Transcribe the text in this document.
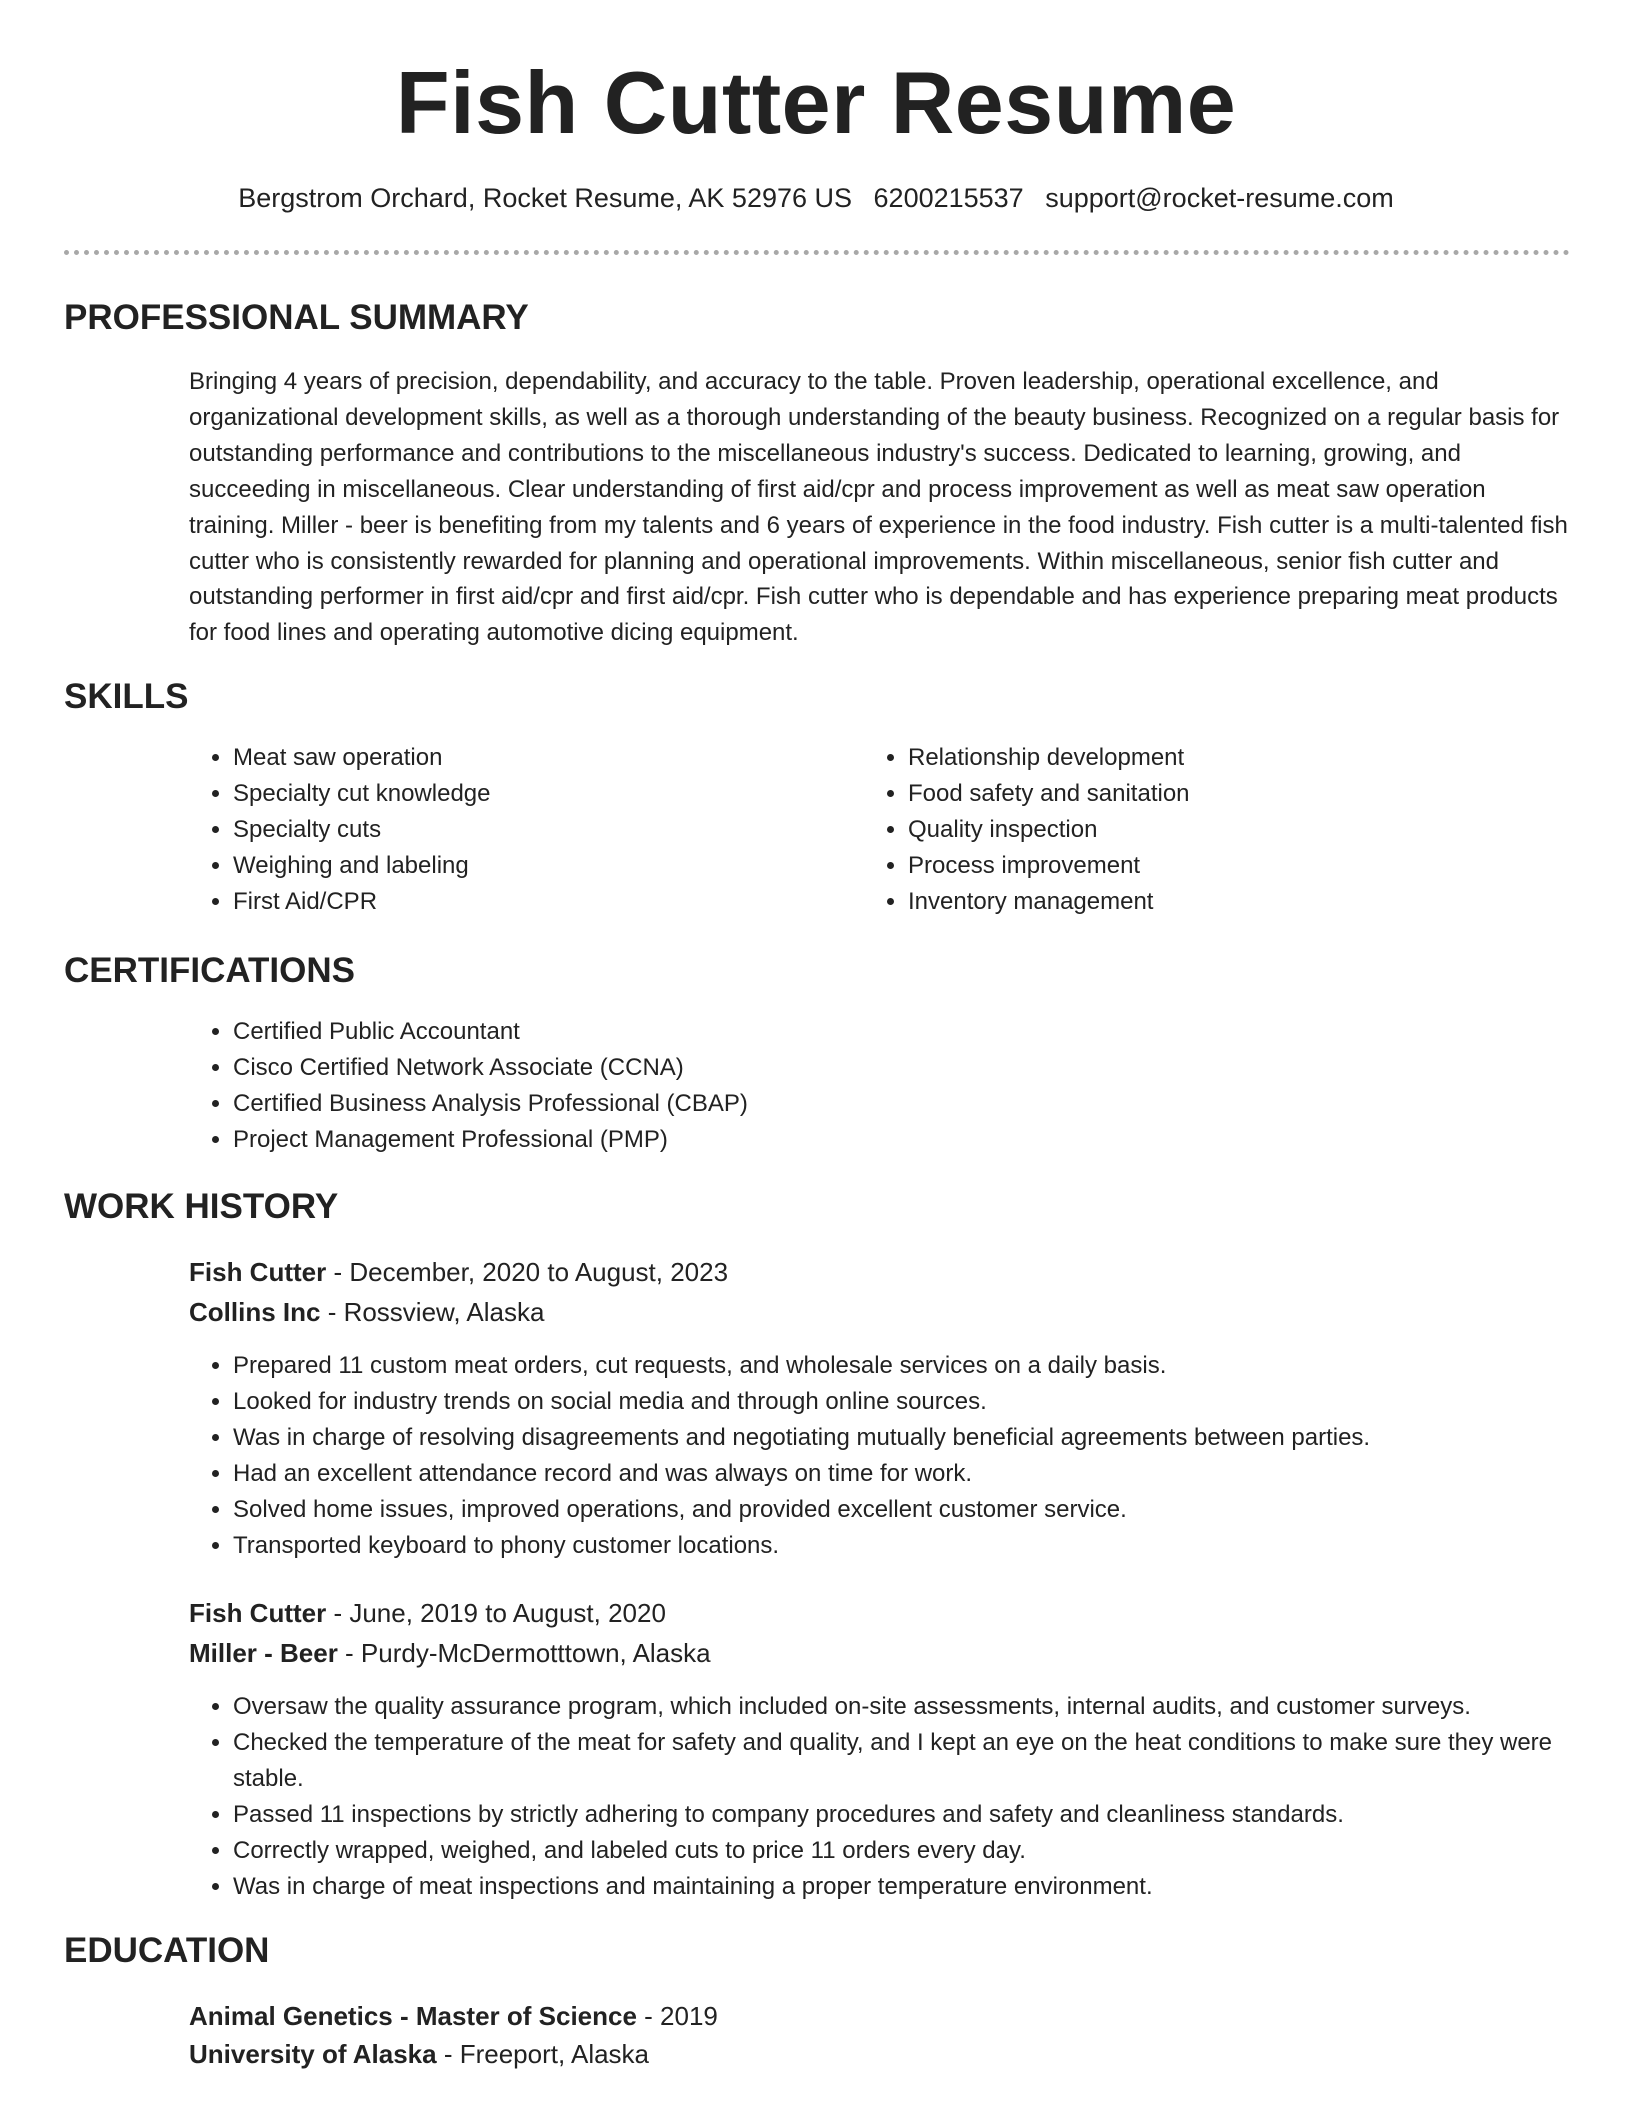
Fish Cutter Resume
Bergstrom Orchard, Rocket Resume, AK 52976 US 6200215537 support@rocket-resume.com
PROFESSIONAL SUMMARY

Bringing 4 years of precision, dependability, and accuracy to the table. Proven leadership, operational excellence, and organizational development skills, as well as a thorough understanding of the beauty business. Recognized on a regular basis for outstanding performance and contributions to the miscellaneous industry's success. Dedicated to learning, growing, and succeeding in miscellaneous. Clear understanding of first aid/cpr and process improvement as well as meat saw operation training. Miller - beer is benefiting from my talents and 6 years of experience in the food industry. Fish cutter is a multi-talented fish cutter who is consistently rewarded for planning and operational improvements. Within miscellaneous, senior fish cutter and outstanding performer in first aid/cpr and first aid/cpr. Fish cutter who is dependable and has experience preparing meat products for food lines and operating automotive dicing equipment.

SKILLS
• Meat saw operation
• Specialty cut knowledge
• Specialty cuts
• Weighing and labeling
• First Aid/CPR
• Relationship development
• Food safety and sanitation
• Quality inspection
• Process improvement
• Inventory management
CERTIFICATIONS
• Certified Public Accountant
• Cisco Certified Network Associate (CCNA)
• Certified Business Analysis Professional (CBAP)
• Project Management Professional (PMP)
WORK HISTORY
Fish Cutter - December, 2020 to August, 2023
Collins Inc - Rossview, Alaska
• Prepared 11 custom meat orders, cut requests, and wholesale services on a daily basis.
• Looked for industry trends on social media and through online sources.
• Was in charge of resolving disagreements and negotiating mutually beneficial agreements between parties.
• Had an excellent attendance record and was always on time for work.
• Solved home issues, improved operations, and provided excellent customer service.
• Transported keyboard to phony customer locations.
Fish Cutter - June, 2019 to August, 2020
Miller - Beer - Purdy-McDermotttown, Alaska
• Oversaw the quality assurance program, which included on-site assessments, internal audits, and customer surveys.
• Checked the temperature of the meat for safety and quality, and I kept an eye on the heat conditions to make sure they were stable.
• Passed 11 inspections by strictly adhering to company procedures and safety and cleanliness standards.
• Correctly wrapped, weighed, and labeled cuts to price 11 orders every day.
• Was in charge of meat inspections and maintaining a proper temperature environment.
EDUCATION
Animal Genetics - Master of Science - 2019
University of Alaska - Freeport, Alaska
